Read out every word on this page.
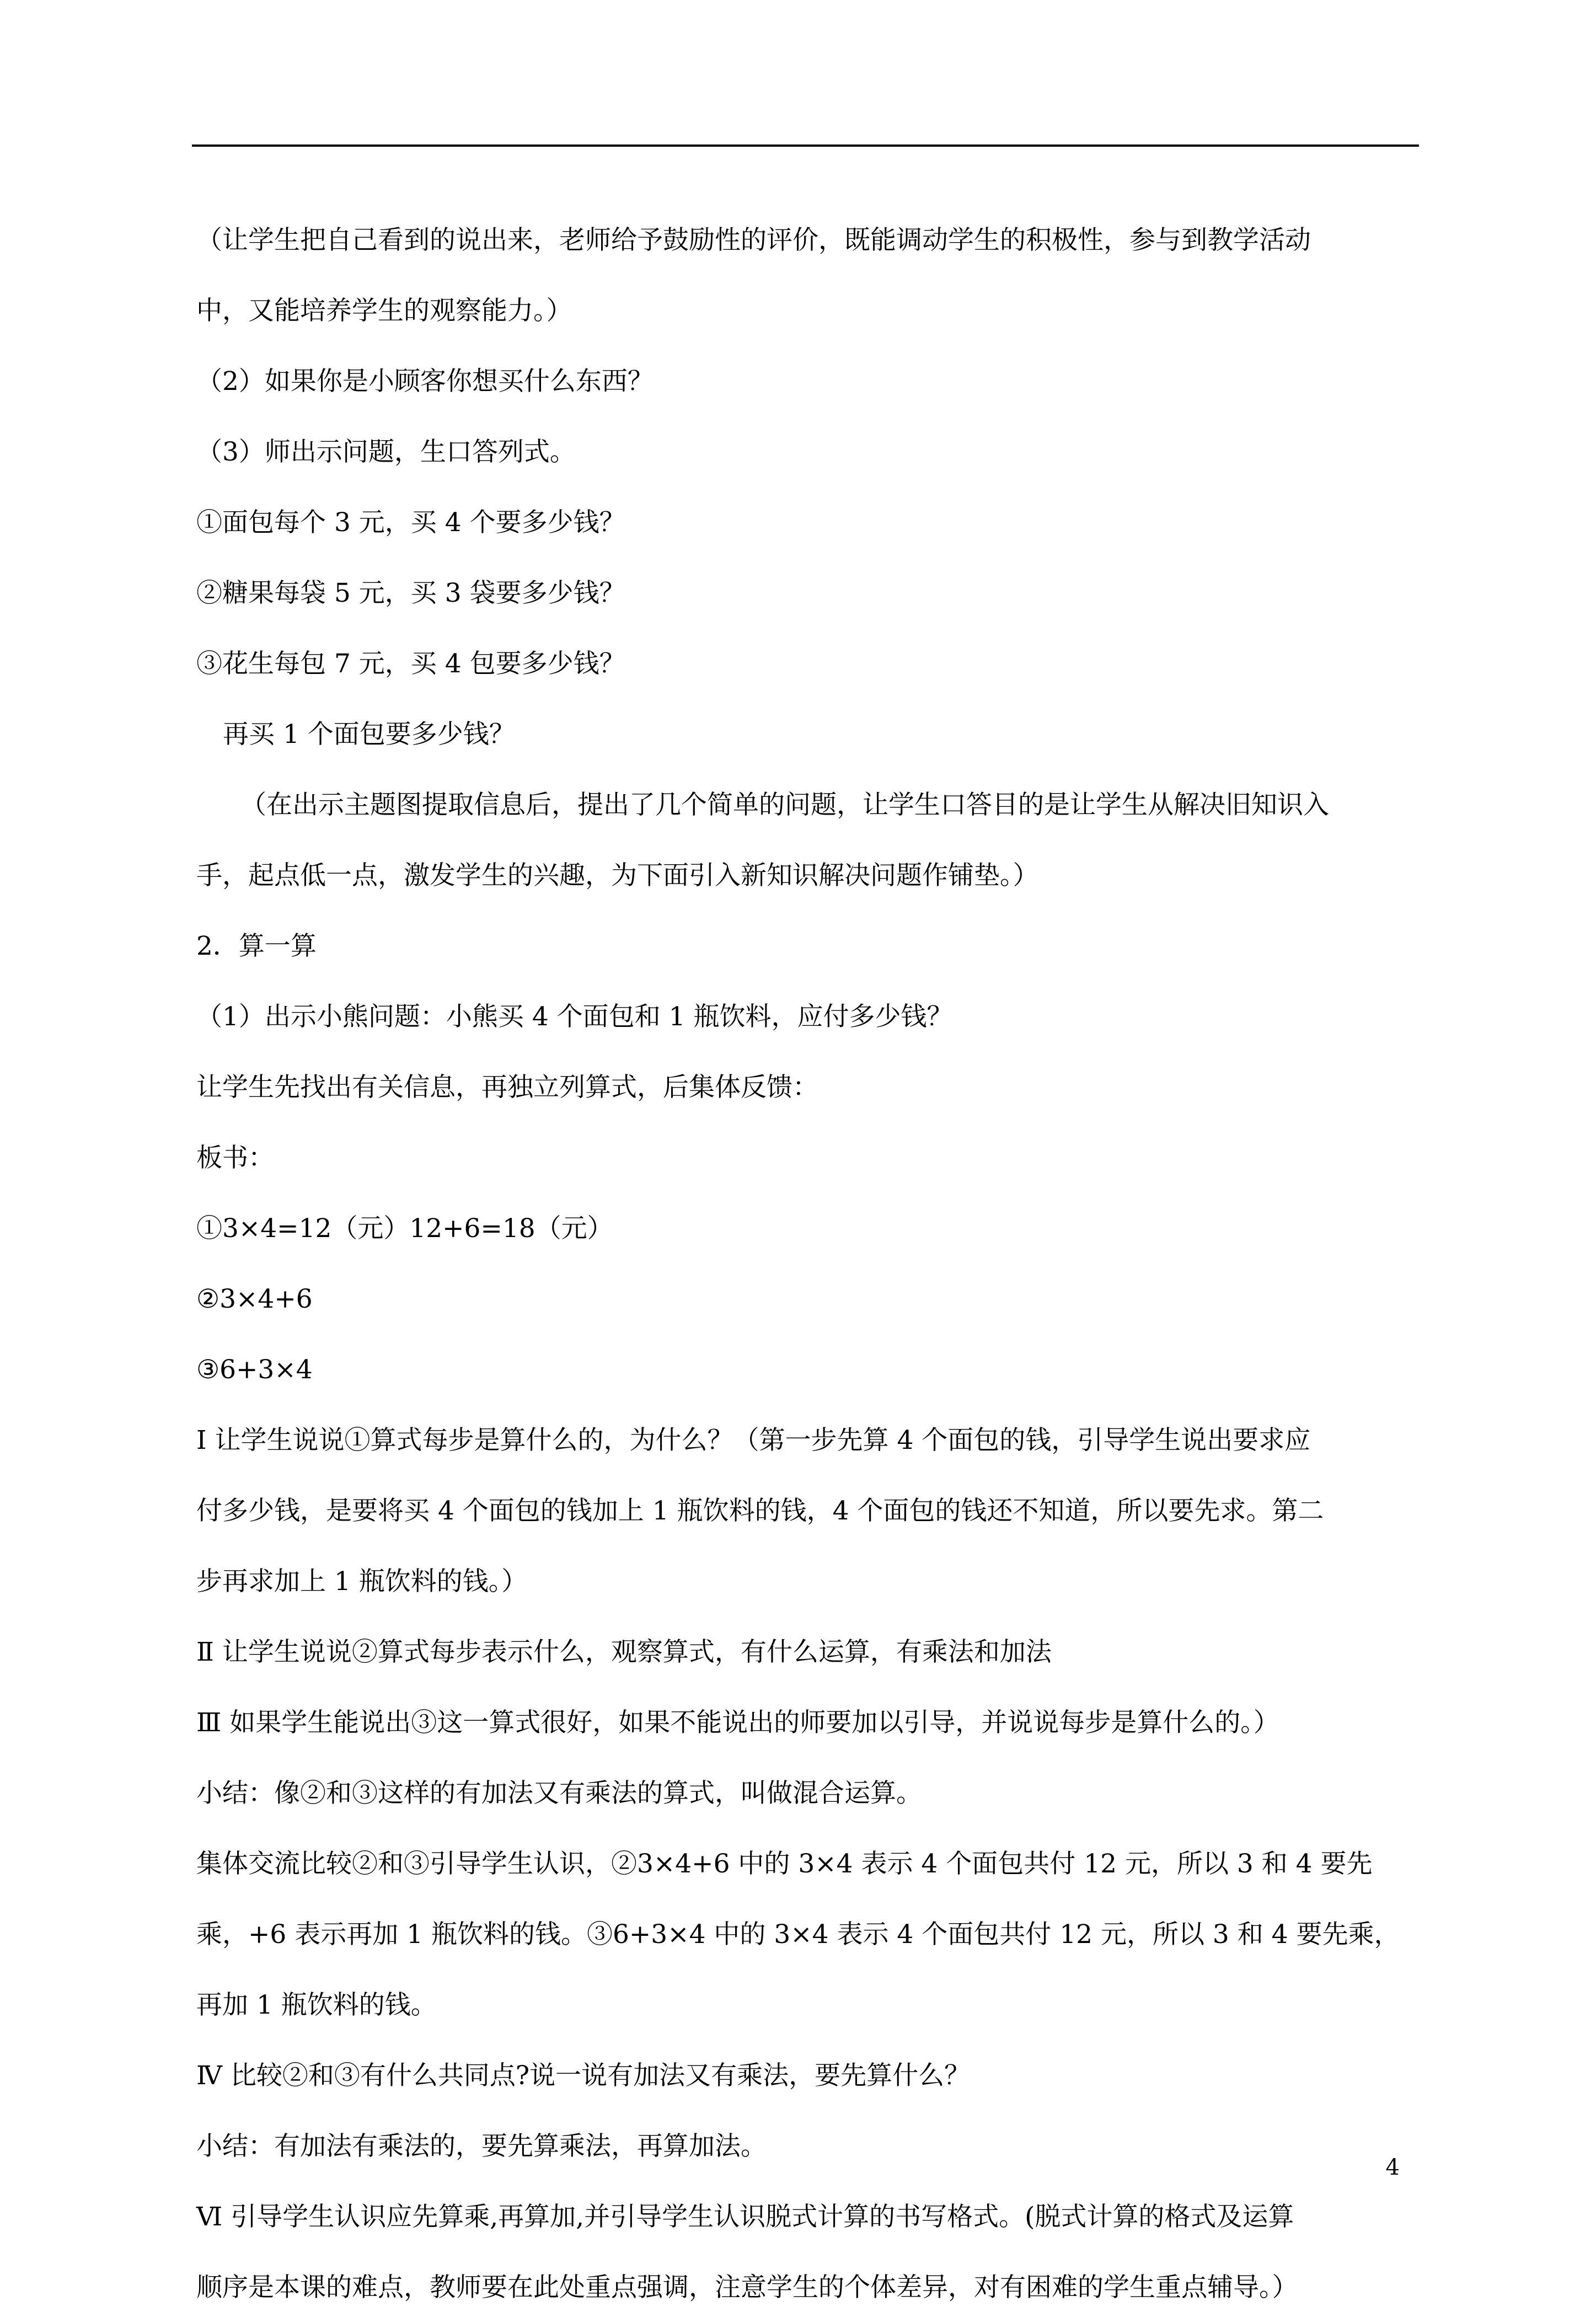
（让学生把自己看到的说出来，老师给予鼓励性的评价，既能调动学生的积极性，参与到教学活动
中，又能培养学生的观察能力。）
（2）如果你是小顾客你想买什么东西？
（3）师出示问题，生口答列式。
①面包每个 3 元，买 4 个要多少钱？
②糖果每袋 5 元，买 3 袋要多少钱？
③花生每包 7 元，买 4 包要多少钱？
再买 1 个面包要多少钱？
（在出示主题图提取信息后，提出了几个简单的问题，让学生口答目的是让学生从解决旧知识入
手，起点低一点，激发学生的兴趣，为下面引入新知识解决问题作铺垫。）
2．算一算
（1）出示小熊问题：小熊买 4 个面包和 1 瓶饮料，应付多少钱？
让学生先找出有关信息，再独立列算式，后集体反馈：
板书：
①3×4=12（元）12+6=18（元）
②3×4+6
③6+3×4
Ⅰ 让学生说说①算式每步是算什么的，为什么？（第一步先算 4 个面包的钱，引导学生说出要求应
付多少钱，是要将买 4 个面包的钱加上 1 瓶饮料的钱，4 个面包的钱还不知道，所以要先求。第二
步再求加上 1 瓶饮料的钱。）
Ⅱ 让学生说说②算式每步表示什么，观察算式，有什么运算，有乘法和加法
Ⅲ 如果学生能说出③这一算式很好，如果不能说出的师要加以引导，并说说每步是算什么的。）
小结：像②和③这样的有加法又有乘法的算式，叫做混合运算。
集体交流比较②和③引导学生认识，②3×4+6 中的 3×4 表示 4 个面包共付 12 元，所以 3 和 4 要先
乘，+6 表示再加 1 瓶饮料的钱。③6+3×4 中的 3×4 表示 4 个面包共付 12 元，所以 3 和 4 要先乘，
再加 1 瓶饮料的钱。
Ⅳ 比较②和③有什么共同点?说一说有加法又有乘法，要先算什么？
小结：有加法有乘法的，要先算乘法，再算加法。
Ⅵ 引导学生认识应先算乘,再算加,并引导学生认识脱式计算的书写格式。(脱式计算的格式及运算
顺序是本课的难点，教师要在此处重点强调，注意学生的个体差异，对有困难的学生重点辅导。）
4
